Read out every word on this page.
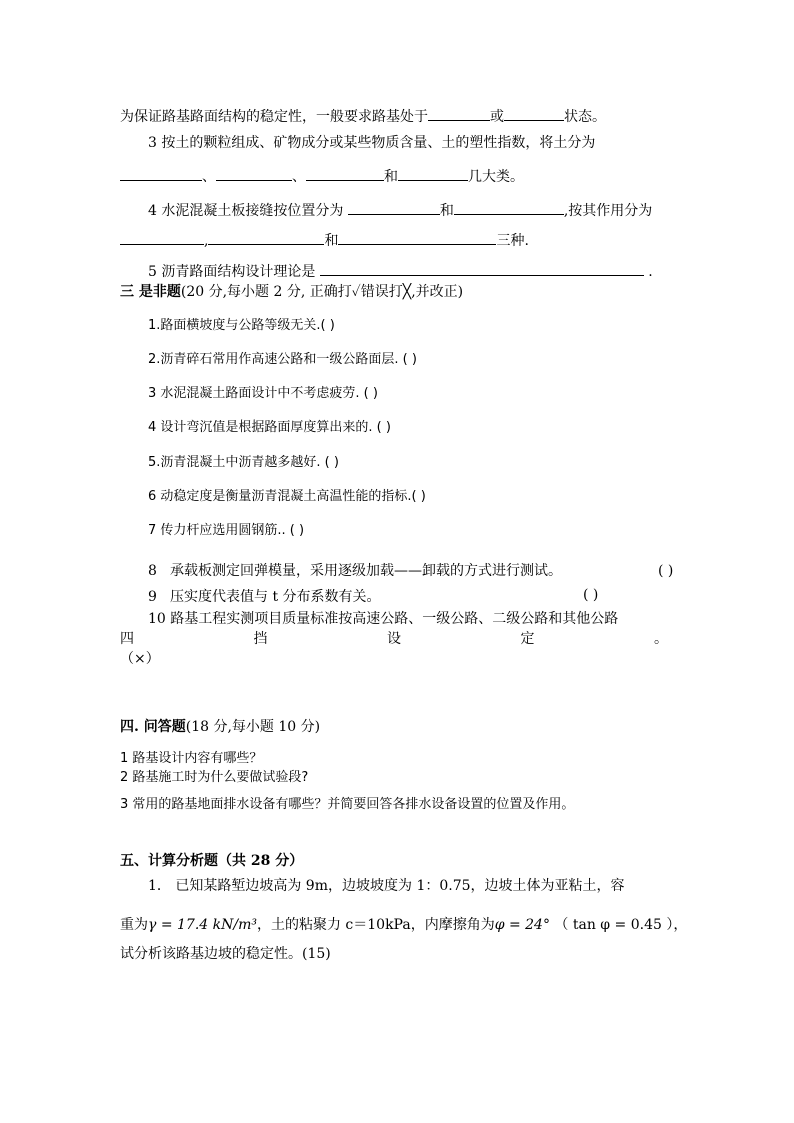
为保证路基路面结构的稳定性，一般要求路基处于	或	状态。
3 按土的颗粒组成、矿物成分或某些物质含量、土的塑性指数，将土分为
、	、	和	几大类。
4 水泥混凝土板接缝按位置分为	和	,按其作用分为
,	和	三种.
5 沥青路面结构设计理论是	.
三 是非题(20 分,每小题 2 分, 正确打✓错误打╳,并改正)
1.路面横坡度与公路等级无关.( )
2.沥青碎石常用作高速公路和一级公路面层. ( )
3 水泥混凝土路面设计中不考虑疲劳. ( )
4 设计弯沉值是根据路面厚度算出来的. ( )
5.沥青混凝土中沥青越多越好. ( )
6 动稳定度是衡量沥青混凝土高温性能的指标.( )
7 传力杆应选用圆钢筋.. ( )
8 承载板测定回弹模量，采用逐级加载——卸载的方式进行测试。	( )
9 压实度代表值与 t 分布系数有关。	( )
10 路基工程实测项目质量标准按高速公路、一级公路、二级公路和其他公路
四	挡	设	定	。
（×）
四. 问答题(18 分,每小题 10 分)
1 路基设计内容有哪些？
2 路基施工时为什么要做试验段?
3 常用的路基地面排水设备有哪些？并简要回答各排水设备设置的位置及作用。
五、计算分析题（共 28 分）
1． 已知某路堑边坡高为 9m，边坡坡度为 1：0.75，边坡土体为亚粘土，容
重为γ = 17.4 kN/m³，土的粘聚力 c＝10kPa，内摩擦角为φ = 24° （ tan φ = 0.45 ），
试分析该路基边坡的稳定性。(15)
